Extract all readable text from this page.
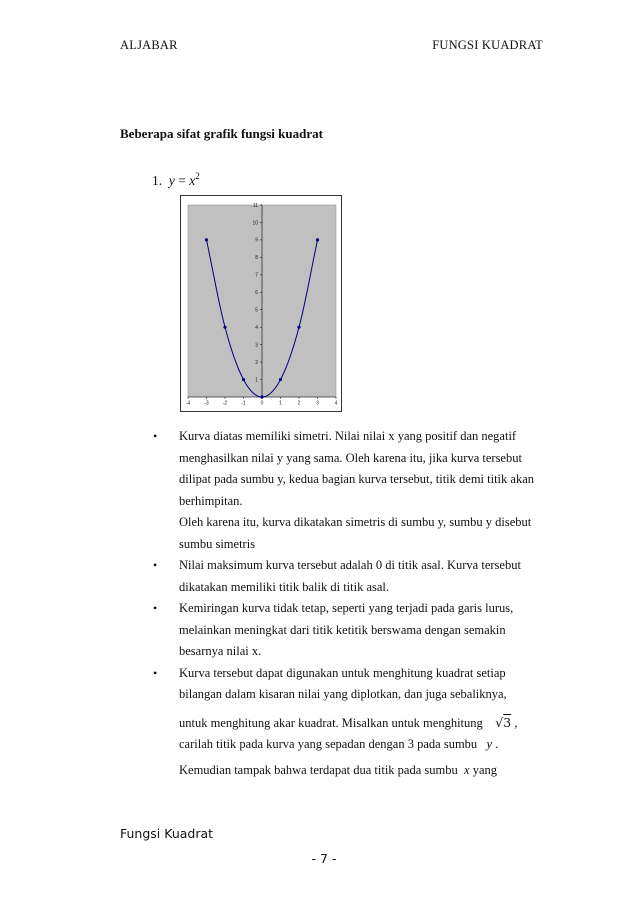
ALJABAR	FUNGSI KUADRAT
Beberapa sifat grafik fungsi kuadrat
1. $y = x^2$
-4	-3	-2	-1	0	1	2	3	4
1
2
3
4
5
6
7
8
9
10
11
• Kurva diatas memiliki simetri. Nilai nilai x yang positif dan negatif

menghasilkan nilai y yang sama. Oleh karena itu, jika kurva tersebut

dilipat pada sumbu y, kedua bagian kurva tersebut, titik demi titik akan

berhimpitan.

Oleh karena itu, kurva dikatakan simetris di sumbu y, sumbu y disebut

sumbu simetris

• Nilai maksimum kurva tersebut adalah 0 di titik asal. Kurva tersebut

dikatakan memiliki titik balik di titik asal.

• Kemiringan kurva tidak tetap, seperti yang terjadi pada garis lurus,

melainkan meningkat dari titik ketitik berswama dengan semakin

besarnya nilai x.

• Kurva tersebut dapat digunakan untuk menghitung kuadrat setiap

bilangan dalam kisaran nilai yang diplotkan, dan juga sebaliknya,

untuk menghitung akar kuadrat. Misalkan untuk menghitung √3 ,

carilah titik pada kurva yang sepadan dengan 3 pada sumbu y .

Kemudian tampak bahwa terdapat dua titik pada sumbu x yang

Fungsi Kuadrat
- 7 -
